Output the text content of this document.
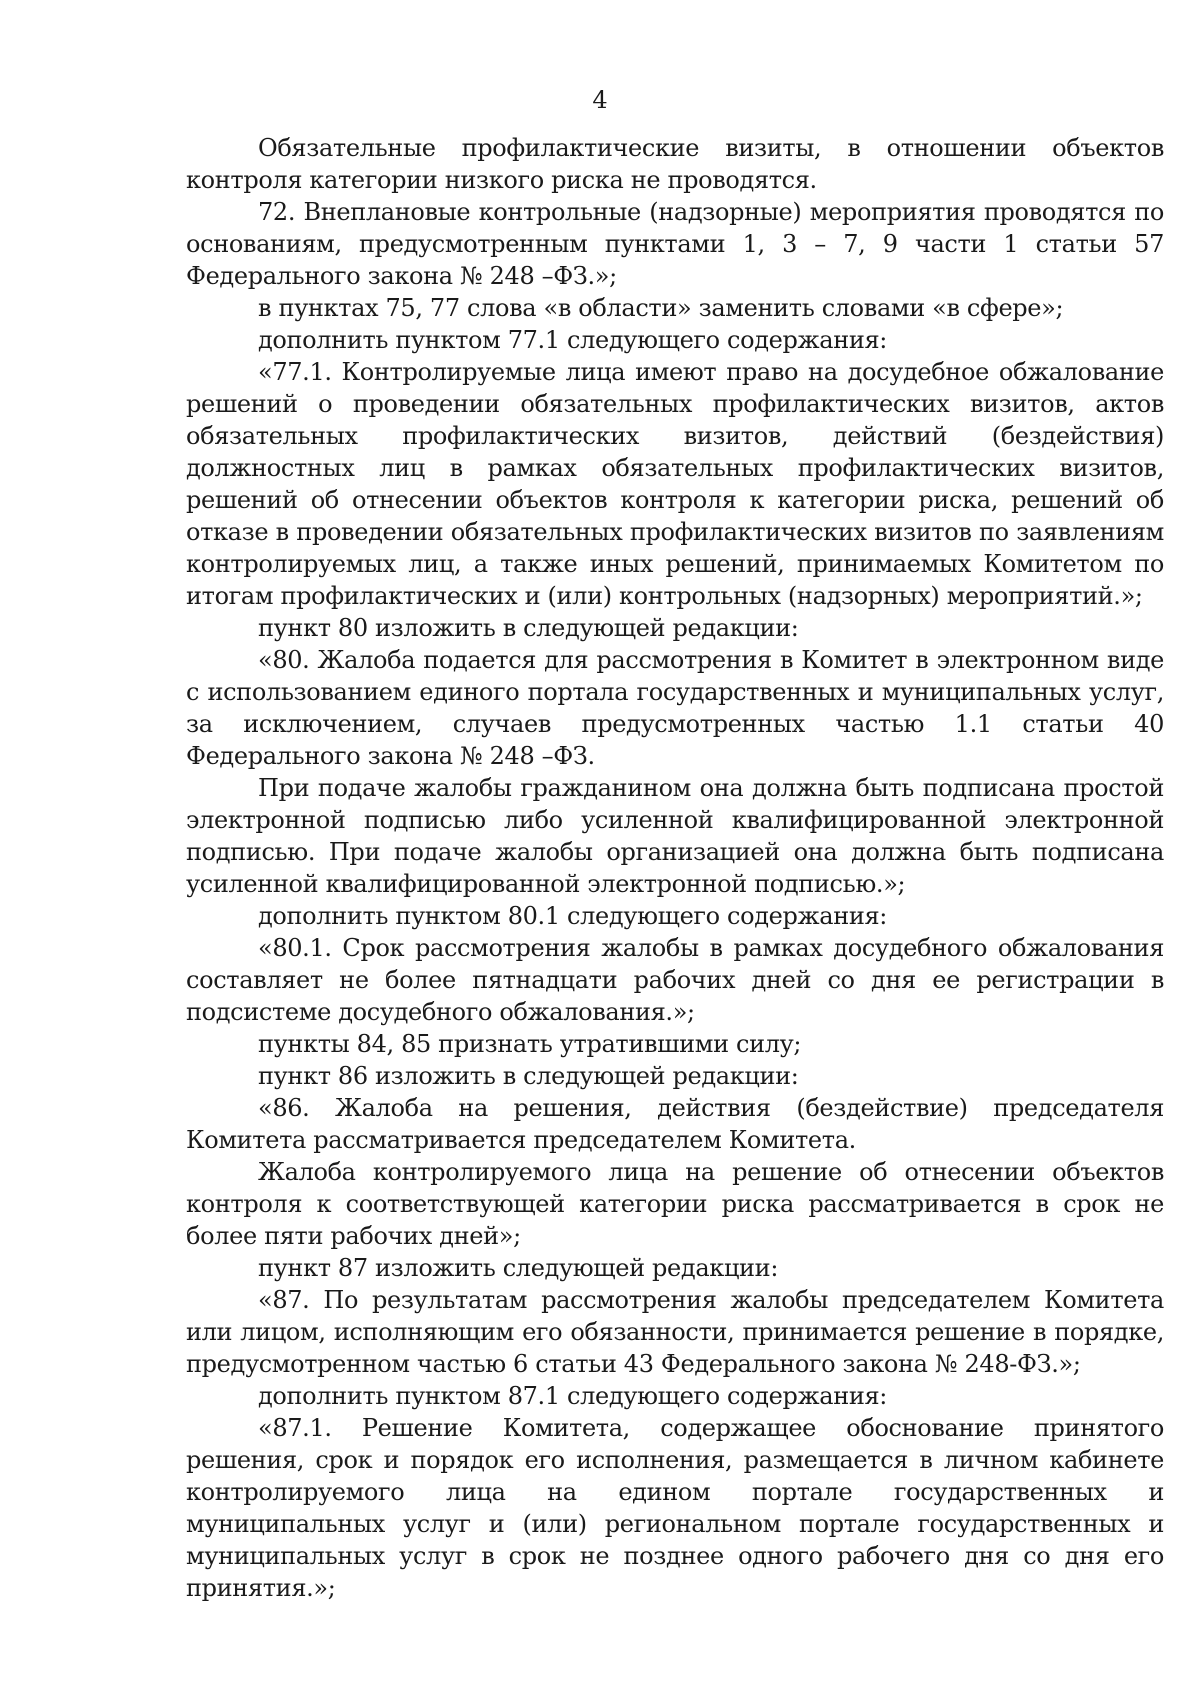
4

Обязательные профилактические визиты, в отношении объектов контроля категории низкого риска не проводятся.

72. Внеплановые контрольные (надзорные) мероприятия проводятся по основаниям, предусмотренным пунктами 1, 3 – 7, 9 части 1 статьи 57 Федерального закона № 248 –ФЗ.»;

в пунктах 75, 77 слова «в области» заменить словами «в сфере»;

дополнить пунктом 77.1 следующего содержания:

«77.1. Контролируемые лица имеют право на досудебное обжалование решений о проведении обязательных профилактических визитов, актов обязательных профилактических визитов, действий (бездействия) должностных лиц в рамках обязательных профилактических визитов, решений об отнесении объектов контроля к категории риска, решений об отказе в проведении обязательных профилактических визитов по заявлениям контролируемых лиц, а также иных решений, принимаемых Комитетом по итогам профилактических и (или) контрольных (надзорных) мероприятий.»;

пункт 80 изложить в следующей редакции:

«80. Жалоба подается для рассмотрения в Комитет в электронном виде с использованием единого портала государственных и муниципальных услуг, за исключением, случаев предусмотренных частью 1.1 статьи 40 Федерального закона № 248 –ФЗ.

При подаче жалобы гражданином она должна быть подписана простой электронной подписью либо усиленной квалифицированной электронной подписью. При подаче жалобы организацией она должна быть подписана усиленной квалифицированной электронной подписью.»;

дополнить пунктом 80.1 следующего содержания:

«80.1. Срок рассмотрения жалобы в рамках досудебного обжалования составляет не более пятнадцати рабочих дней со дня ее регистрации в подсистеме досудебного обжалования.»;

пункты 84, 85 признать утратившими силу;

пункт 86 изложить в следующей редакции:

«86. Жалоба на решения, действия (бездействие) председателя Комитета рассматривается председателем Комитета.

Жалоба контролируемого лица на решение об отнесении объектов контроля к соответствующей категории риска рассматривается в срок не более пяти рабочих дней»;

пункт 87 изложить следующей редакции:

«87. По результатам рассмотрения жалобы председателем Комитета или лицом, исполняющим его обязанности, принимается решение в порядке, предусмотренном частью 6 статьи 43 Федерального закона № 248-ФЗ.»;

дополнить пунктом 87.1 следующего содержания:

«87.1. Решение Комитета, содержащее обоснование принятого решения, срок и порядок его исполнения, размещается в личном кабинете контролируемого лица на едином портале государственных и муниципальных услуг и (или) региональном портале государственных и муниципальных услуг в срок не позднее одного рабочего дня со дня его принятия.»;
